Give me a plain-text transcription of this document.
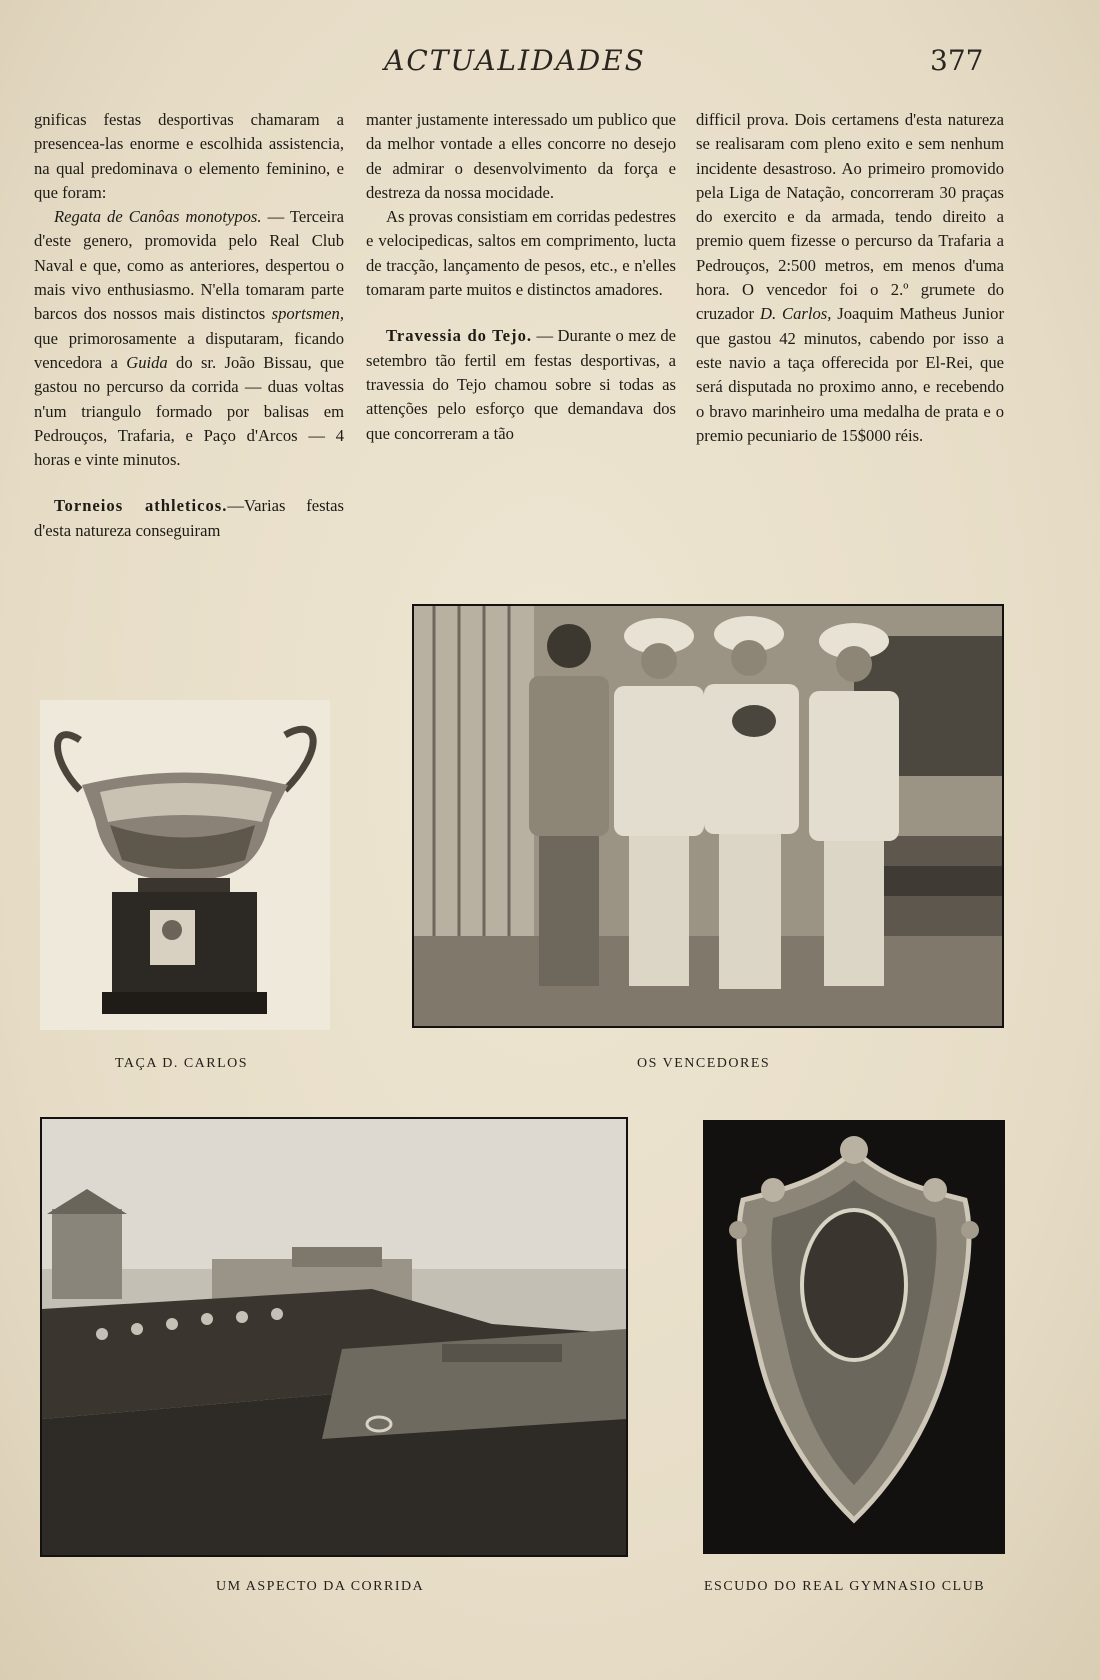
ACTUALIDADES	377

gnificas festas desportivas chamaram a presencea-las enorme e escolhida assistencia, na qual predominava o elemento feminino, e que foram:

Regata de Canôas monotypos. — Terceira d'este genero, promovida pelo Real Club Naval e que, como as anteriores, despertou o mais vivo enthusiasmo. N'ella tomaram parte barcos dos nossos mais distinctos sportsmen, que primorosamente a disputaram, ficando vencedora a Guida do sr. João Bissau, que gastou no percurso da corrida — duas voltas n'um triangulo formado por balisas em Pedrouços, Trafaria, e Paço d'Arcos — 4 horas e vinte minutos.

Torneios athleticos.—Varias festas d'esta natureza conseguiram

manter justamente interessado um publico que da melhor vontade a elles concorre no desejo de admirar o desenvolvimento da força e destreza da nossa mocidade.

As provas consistiam em corridas pedestres e velocipedicas, saltos em comprimento, lucta de tracção, lançamento de pesos, etc., e n'elles tomaram parte muitos e distinctos amadores.

Travessia do Tejo. — Durante o mez de setembro tão fertil em festas desportivas, a travessia do Tejo chamou sobre si todas as attenções pelo esforço que demandava dos que concorreram a tão

difficil prova. Dois certamens d'esta natureza se realisaram com pleno exito e sem nenhum incidente desastroso. Ao primeiro promovido pela Liga de Natação, concorreram 30 praças do exercito e da armada, tendo direito a premio quem fizesse o percurso da Trafaria a Pedrouços, 2:500 metros, em menos d'uma hora. O vencedor foi o 2.º grumete do cruzador D. Carlos, Joaquim Matheus Junior que gastou 42 minutos, cabendo por isso a este navio a taça offerecida por El-Rei, que será disputada no proximo anno, e recebendo o bravo marinheiro uma medalha de prata e o premio pecuniario de 15$000 réis.

TAÇA D. CARLOS	OS VENCEDORES
UM ASPECTO DA CORRIDA	ESCUDO DO REAL GYMNASIO CLUB
